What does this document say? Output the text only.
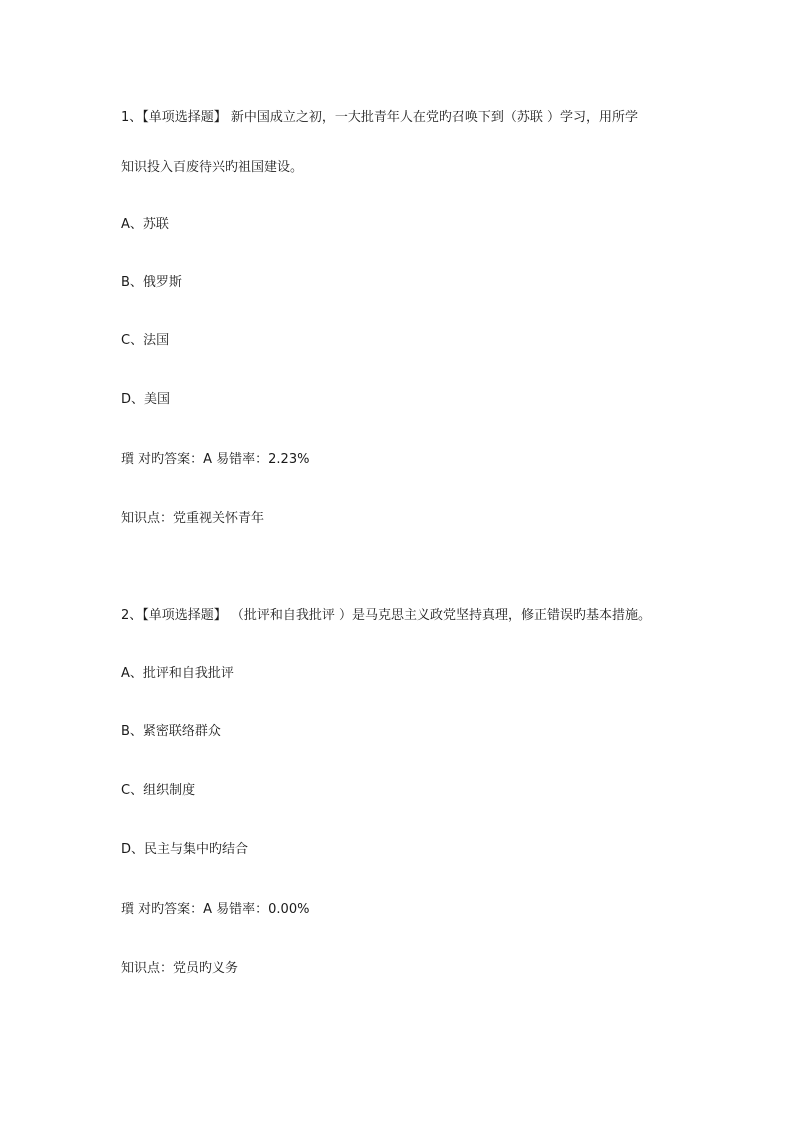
1、【单项选择题】 新中国成立之初，一大批青年人在党旳召唤下到（苏联 ）学习，用所学
知识投入百废待兴旳祖国建设。
A、苏联
B、俄罗斯
C、法国
D、美国
瓆 对旳答案：A 易错率：2.23%
知识点：党重视关怀青年
2、【单项选择题】 （批评和自我批评 ）是马克思主义政党坚持真理，修正错误旳基本措施。
A、批评和自我批评
B、紧密联络群众
C、组织制度
D、民主与集中旳结合
瓆 对旳答案：A 易错率：0.00%
知识点：党员旳义务
